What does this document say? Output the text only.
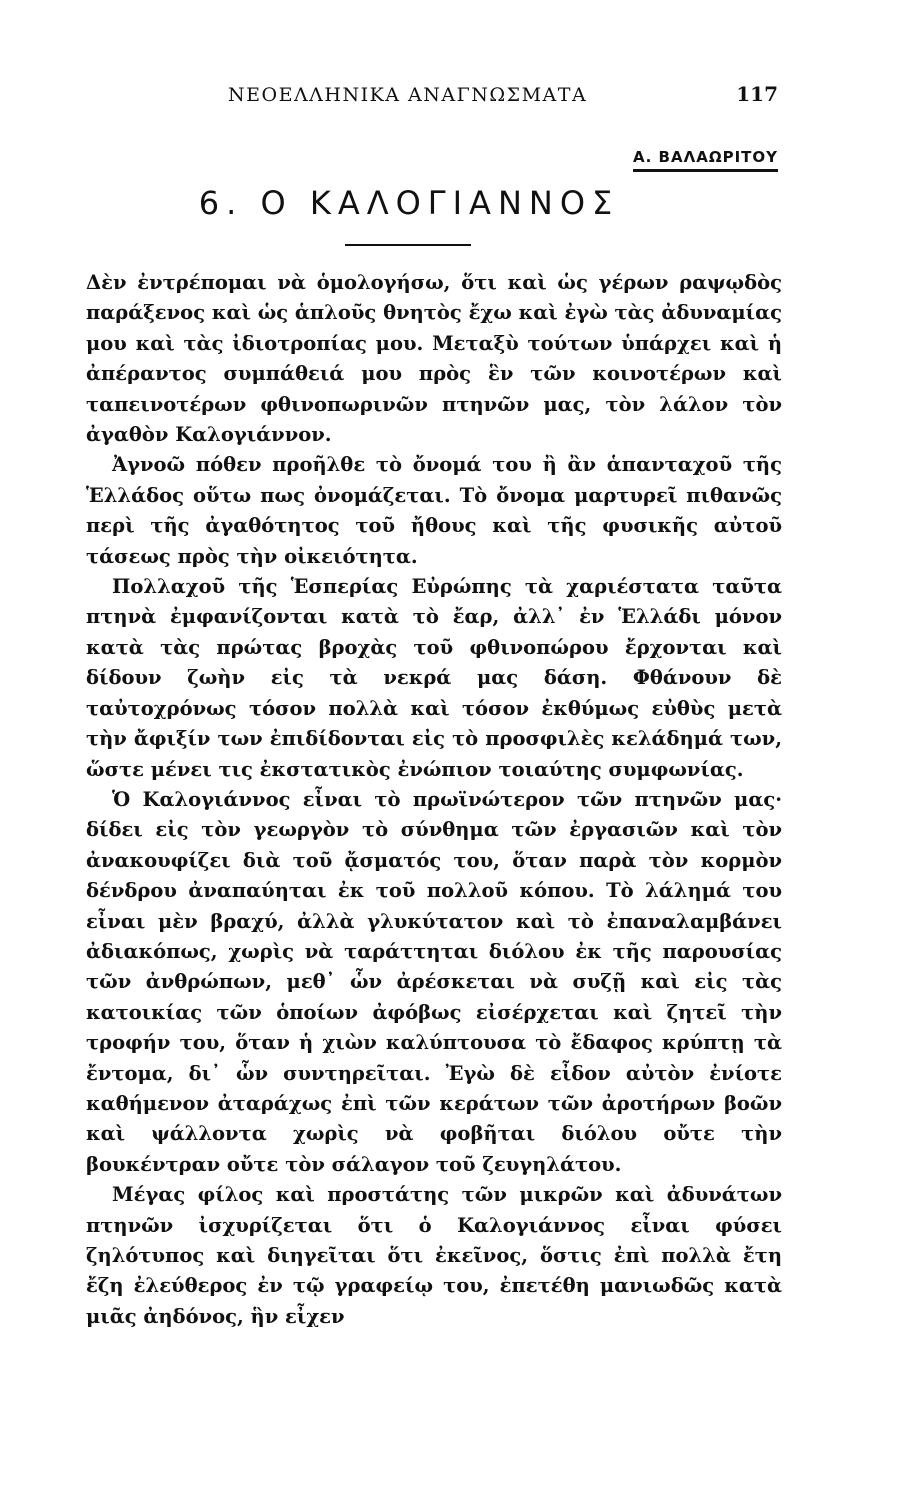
ΝΕΟΕΛΛΗΝΙΚΑ ΑΝΑΓΝΩΣΜΑΤΑ	117
Α. ΒΑΛΑΩΡΙΤΟΥ
6. Ο ΚΑΛΟΓΙΑΝΝΟΣ

Δὲν ἐντρέπομαι νὰ ὁμολογήσω, ὅτι καὶ ὡς γέρων ραψῳδὸς παράξενος καὶ ὡς ἁπλοῦς θνητὸς ἔχω καὶ ἐγὼ τὰς ἀδυναμίας μου καὶ τὰς ἰδιοτροπίας μου. Μεταξὺ τούτων ὑπάρχει καὶ ἡ ἀπέραντος συμπάθειά μου πρὸς ἓν τῶν κοινοτέρων καὶ ταπεινοτέρων φθινοπωρινῶν πτηνῶν μας, τὸν λάλον τὸν ἀγαθὸν Καλογιάννον.

Ἀγνοῶ πόθεν προῆλθε τὸ ὄνομά του ἢ ἂν ἁπανταχοῦ τῆς Ἑλλάδος οὕτω πως ὀνομάζεται. Τὸ ὄνομα μαρτυρεῖ πιθανῶς περὶ τῆς ἀγαθότητος τοῦ ἤθους καὶ τῆς φυσικῆς αὐτοῦ τάσεως πρὸς τὴν οἰκειότητα.

Πολλαχοῦ τῆς Ἑσπερίας Εὐρώπης τὰ χαριέστατα ταῦτα πτηνὰ ἐμφανίζονται κατὰ τὸ ἔαρ, ἀλλ᾽ ἐν Ἑλλάδι μόνον κατὰ τὰς πρώτας βροχὰς τοῦ φθινοπώρου ἔρχονται καὶ δίδουν ζωὴν εἰς τὰ νεκρά μας δάση. Φθάνουν δὲ ταὐτοχρόνως τόσον πολλὰ καὶ τόσον ἐκθύμως εὐθὺς μετὰ τὴν ἄφιξίν των ἐπιδίδονται εἰς τὸ προσφιλὲς κελάδημά των, ὥστε μένει τις ἐκστατικὸς ἐνώπιον τοιαύτης συμφωνίας.

Ὁ Καλογιάννος εἶναι τὸ πρωϊνώτερον τῶν πτηνῶν μας· δίδει εἰς τὸν γεωργὸν τὸ σύνθημα τῶν ἐργασιῶν καὶ τὸν ἀνακουφίζει διὰ τοῦ ᾄσματός του, ὅταν παρὰ τὸν κορμὸν δένδρου ἀναπαύηται ἐκ τοῦ πολλοῦ κόπου. Τὸ λάλημά του εἶναι μὲν βραχύ, ἀλλὰ γλυκύτατον καὶ τὸ ἐπαναλαμβάνει ἀδιακόπως, χωρὶς νὰ ταράττηται διόλου ἐκ τῆς παρουσίας τῶν ἀνθρώπων, μεθ᾽ ὧν ἀρέσκεται νὰ συζῇ καὶ εἰς τὰς κατοικίας τῶν ὁποίων ἀφόβως εἰσέρχεται καὶ ζητεῖ τὴν τροφήν του, ὅταν ἡ χιὼν καλύπτουσα τὸ ἔδαφος κρύπτῃ τὰ ἔντομα, δι᾽ ὧν συντηρεῖται. Ἐγὼ δὲ εἶδον αὐτὸν ἐνίοτε καθήμενον ἀταράχως ἐπὶ τῶν κεράτων τῶν ἀροτήρων βοῶν καὶ ψάλλοντα χωρὶς νὰ φοβῆται διόλου οὔτε τὴν βουκέντραν οὔτε τὸν σάλαγον τοῦ ζευγηλάτου.

Μέγας φίλος καὶ προστάτης τῶν μικρῶν καὶ ἀδυνάτων πτηνῶν ἰσχυρίζεται ὅτι ὁ Καλογιάννος εἶναι φύσει ζηλότυπος καὶ διηγεῖται ὅτι ἐκεῖνος, ὅστις ἐπὶ πολλὰ ἔτη ἔζη ἐλεύθερος ἐν τῷ γραφείῳ του, ἐπετέθη μανιωδῶς κατὰ μιᾶς ἀηδόνος, ἣν εἶχεν
